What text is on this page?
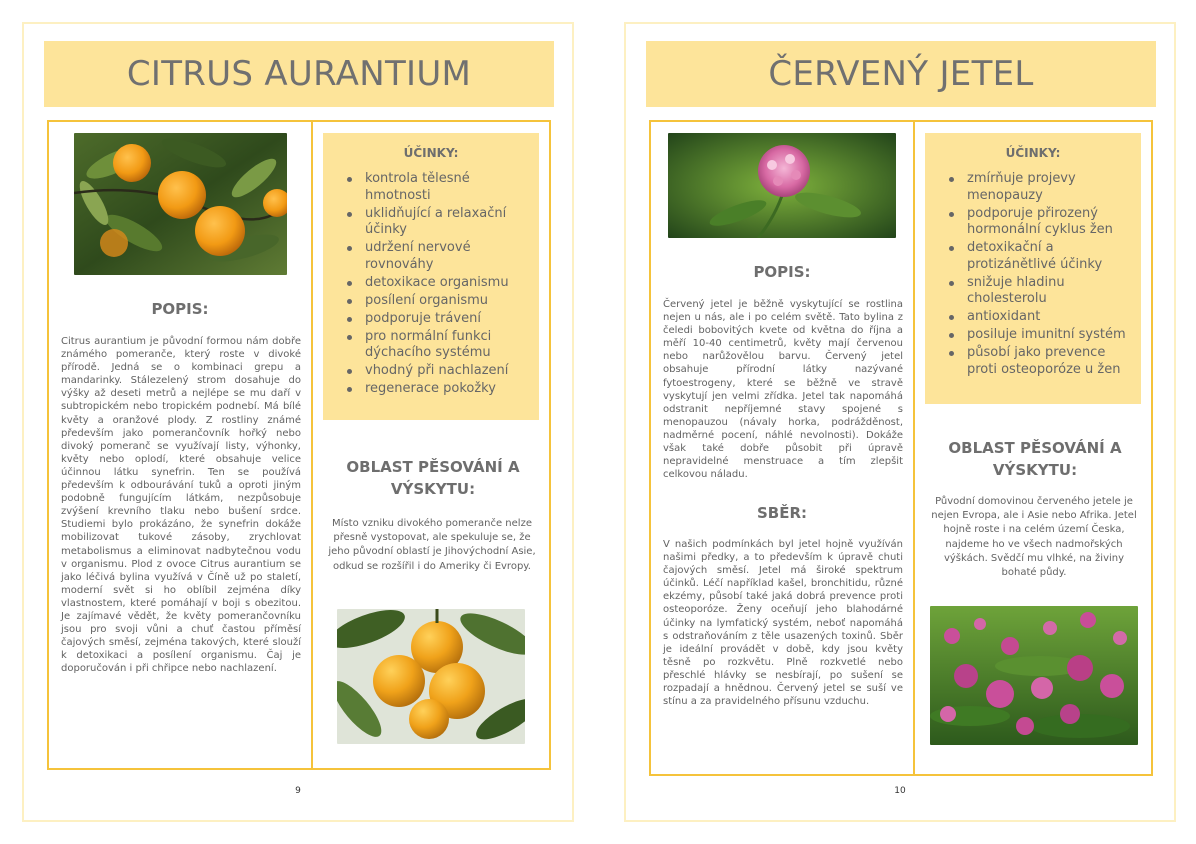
CITRUS AURANTIUM
POPIS:
Citrus aurantium je původní formou nám dobře známého pomeranče, který roste v divoké přírodě. Jedná se o kombinaci grepu a mandarinky. Stálezelený strom dosahuje do výšky až deseti metrů a nejlépe se mu daří v subtropickém nebo tropickém podnebí. Má bílé květy a oranžové plody. Z rostliny známé především jako pomerančovník hořký nebo divoký pomeranč se využívají listy, výhonky, květy nebo oplodí, které obsahuje velice účinnou látku synefrin. Ten se používá především k odbourávání tuků a oproti jiným podobně fungujícím látkám, nezpůsobuje zvýšení krevního tlaku nebo bušení srdce. Studiemi bylo prokázáno, že synefrin dokáže mobilizovat tukové zásoby, zrychlovat metabolismus a eliminovat nadbytečnou vodu v organismu. Plod z ovoce Citrus aurantium se jako léčivá bylina využívá v Číně už po staletí, moderní svět si ho oblíbil zejména díky vlastnostem, které pomáhají v boji s obezitou. Je zajímavé vědět, že květy pomerančovníku jsou pro svoji vůni a chuť častou příměsí čajových směsí, zejména takových, které slouží k detoxikaci a posílení organismu. Čaj je doporučován i při chřipce nebo nachlazení.
ÚČINKY:
kontrola tělesné hmotnosti
uklidňující a relaxační účinky
udržení nervové rovnováhy
detoxikace organismu
posílení organismu
podporuje trávení
pro normální funkci dýchacího systému
vhodný při nachlazení
regenerace pokožky
OBLAST PĚSOVÁNÍ A VÝSKYTU:
Místo vzniku divokého pomeranče nelze přesně vystopovat, ale spekuluje se, že jeho původní oblastí je Jihovýchodní Asie, odkud se rozšířil i do Ameriky či Evropy.
9
ČERVENÝ JETEL
POPIS:
Červený jetel je běžně vyskytující se rostlina nejen u nás, ale i po celém světě. Tato bylina z čeledi bobovitých kvete od května do října a měří 10-40 centimetrů, květy mají červenou nebo narůžovělou barvu. Červený jetel obsahuje přírodní látky nazývané fytoestrogeny, které se běžně ve stravě vyskytují jen velmi zřídka. Jetel tak napomáhá odstranit nepříjemné stavy spojené s menopauzou (návaly horka, podrážděnost, nadměrné pocení, náhlé nevolnosti). Dokáže však také dobře působit při úpravě nepravidelné menstruace a tím zlepšit celkovou náladu.
SBĚR:
V našich podmínkách byl jetel hojně využíván našimi předky, a to především k úpravě chuti čajových směsí. Jetel má široké spektrum účinků. Léčí například kašel, bronchitidu, různé ekzémy, působí také jaká dobrá prevence proti osteoporóze. Ženy oceňují jeho blahodárné účinky na lymfatický systém, neboť napomáhá s odstraňováním z těle usazených toxinů. Sběr je ideální provádět v době, kdy jsou květy těsně po rozkvětu. Plně rozkvetlé nebo přeschlé hlávky se nesbírají, po sušení se rozpadají a hnědnou. Červený jetel se suší ve stínu a za pravidelného přísunu vzduchu.
ÚČINKY:
zmírňuje projevy menopauzy
podporuje přirozený hormonální cyklus žen
detoxikační a protizánětlivé účinky
snižuje hladinu cholesterolu
antioxidant
posiluje imunitní systém
působí jako prevence proti osteoporóze u žen
OBLAST PĚSOVÁNÍ A VÝSKYTU:
Původní domovinou červeného jetele je nejen Evropa, ale i Asie nebo Afrika. Jetel hojně roste i na celém území Česka, najdeme ho ve všech nadmořských výškách. Svědčí mu vlhké, na živiny bohaté půdy.
10
